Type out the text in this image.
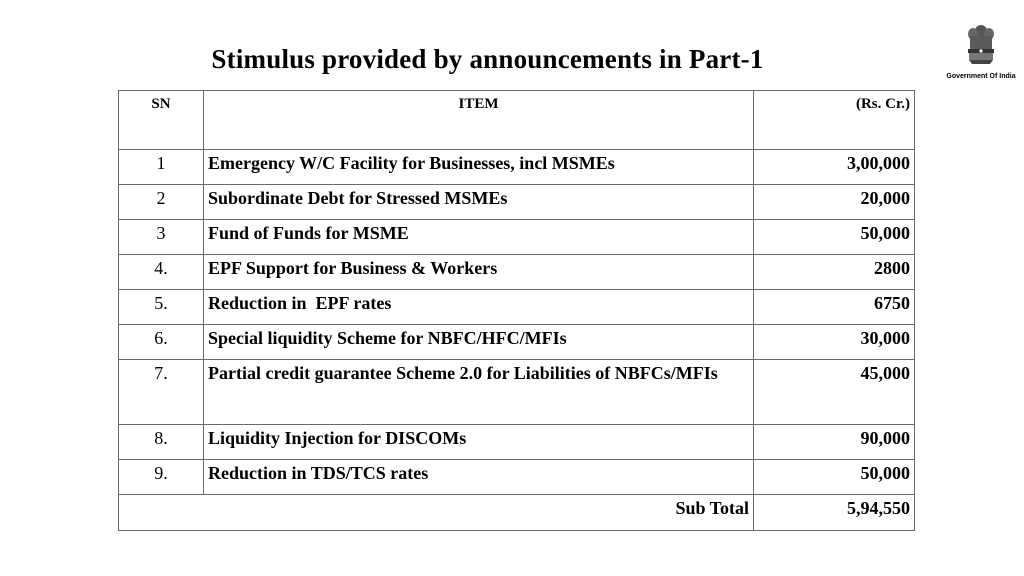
Stimulus provided by announcements in Part-1
Government Of India
SN	ITEM	(Rs. Cr.)
1	Emergency W/C Facility for Businesses, incl MSMEs	3,00,000
2	Subordinate Debt for Stressed MSMEs	20,000
3	Fund of Funds for MSME	50,000
4.	EPF Support for Business & Workers	2800
5.	Reduction in  EPF rates	6750
6.	Special liquidity Scheme for NBFC/HFC/MFIs	30,000
7.	Partial credit guarantee Scheme 2.0 for Liabilities of NBFCs/MFIs	45,000
8.	Liquidity Injection for DISCOMs	90,000
9.	Reduction in TDS/TCS rates	50,000
Sub Total		5,94,550
